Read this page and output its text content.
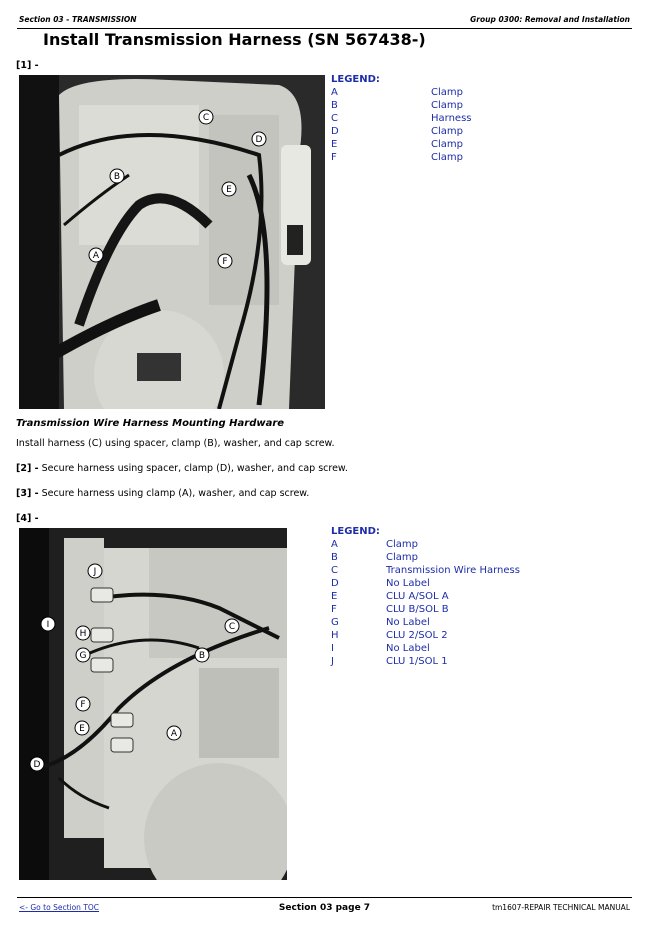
Section 03 - TRANSMISSION	Group 0300: Removal and Installation
Install Transmission Harness (SN 567438-)
[1] -
A
B
C
D
E
F
LEGEND:
A	Clamp
B	Clamp
C	Harness
D	Clamp
E	Clamp
F	Clamp
Transmission Wire Harness Mounting Hardware
Install harness (C) using spacer, clamp (B), washer, and cap screw.
[2] - Secure harness using spacer, clamp (D), washer, and cap screw.
[3] - Secure harness using clamp (A), washer, and cap screw.
[4] -
A
B
C
D
E
F
G
H
I
J
LEGEND:
A	Clamp
B	Clamp
C	Transmission Wire Harness
D	No Label
E	CLU A/SOL A
F	CLU B/SOL B
G	No Label
H	CLU 2/SOL 2
I	No Label
J	CLU 1/SOL 1
<- Go to Section TOC	Section 03 page 7	tm1607-REPAIR TECHNICAL MANUAL
